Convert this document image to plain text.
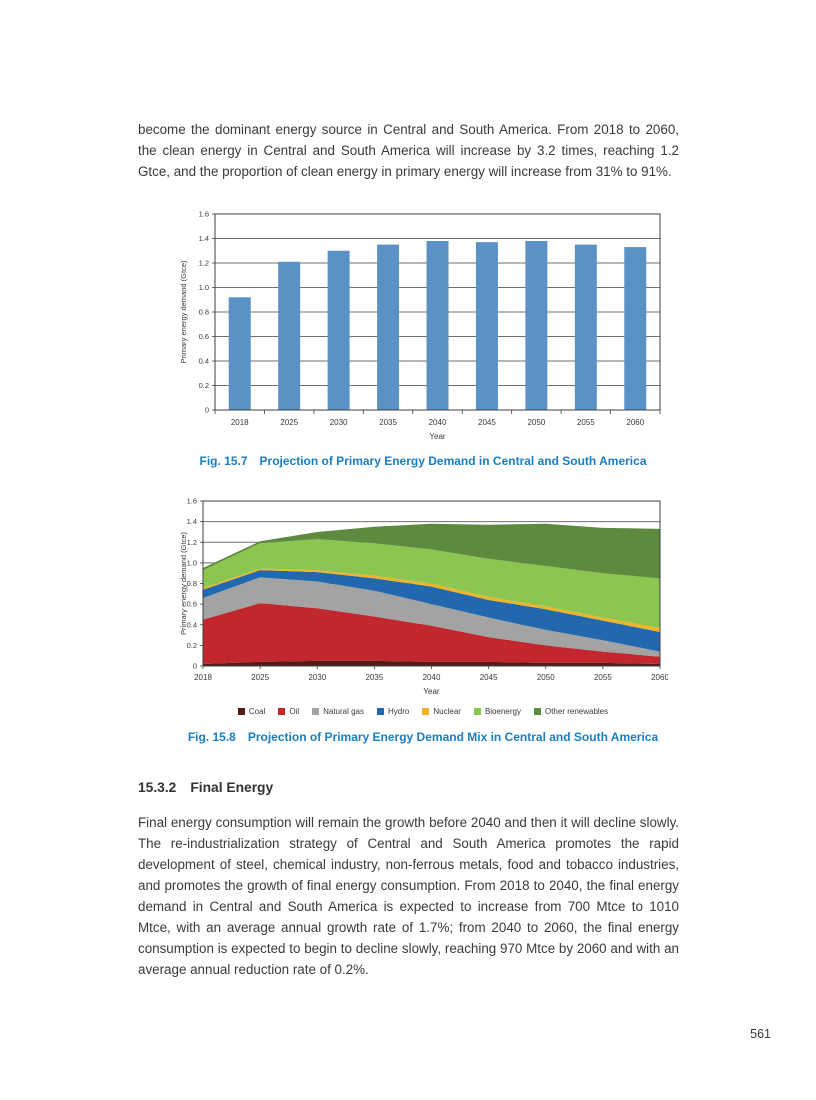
become the dominant energy source in Central and South America. From 2018 to 2060, the clean energy in Central and South America will increase by 3.2 times, reaching 1.2 Gtce, and the proportion of clean energy in primary energy will increase from 31% to 91%.

2018	2025	2030	2035	2040	2045	2050	2055	2060
0
0.2
0.4
0.6
0.8
1.0
1.2
1.4
1.6
Primary energy demand (Gtce)
Year
Fig. 15.7 Projection of Primary Energy Demand in Central and South America
2018	2025	2030	2035	2040	2045	2050	2055	2060
0
0.2
0.4
0.6
0.8
1.0
1.2
1.4
1.6
Primary energy demand (Gtce)
Year
Coal	Oil	Natural gas	Hydro	Nuclear	Bioenergy	Other renewables
Fig. 15.8 Projection of Primary Energy Demand Mix in Central and South America
15.3.2 Final Energy

Final energy consumption will remain the growth before 2040 and then it will decline slowly. The re-industrialization strategy of Central and South America promotes the rapid development of steel, chemical industry, non-ferrous metals, food and tobacco industries, and promotes the growth of final energy consumption. From 2018 to 2040, the final energy demand in Central and South America is expected to increase from 700 Mtce to 1010 Mtce, with an average annual growth rate of 1.7%; from 2040 to 2060, the final energy consumption is expected to begin to decline slowly, reaching 970 Mtce by 2060 and with an average annual reduction rate of 0.2%.

561
